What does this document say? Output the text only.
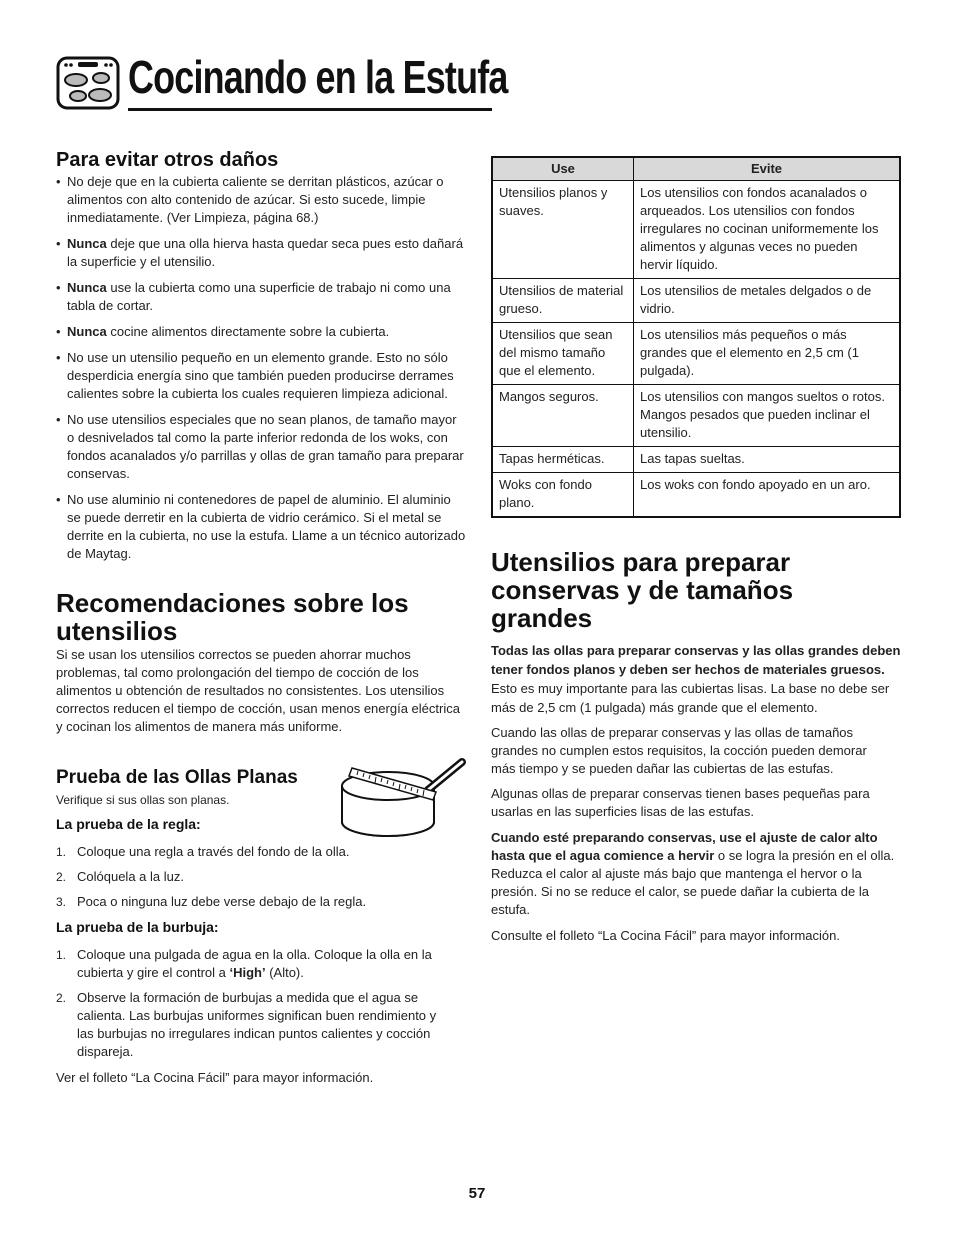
Cocinando en la Estufa
Para evitar otros daños
• No deje que en la cubierta caliente se derritan plásticos, azúcar o alimentos con alto contenido de azúcar. Si esto sucede, limpie inmediatamente. (Ver Limpieza, página 68.)
• Nunca deje que una olla hierva hasta quedar seca pues esto dañará la superficie y el utensilio.
• Nunca use la cubierta como una superficie de trabajo ni como una tabla de cortar.
• Nunca cocine alimentos directamente sobre la cubierta.
• No use un utensilio pequeño en un elemento grande. Esto no sólo desperdicia energía sino que también pueden producirse derrames calientes sobre la cubierta los cuales requieren limpieza adicional.
• No use utensilios especiales que no sean planos, de tamaño mayor o desnivelados tal como la parte inferior redonda de los woks, con fondos acanalados y/o parrillas y ollas de gran tamaño para preparar conservas.
• No use aluminio ni contenedores de papel de aluminio. El aluminio se puede derretir en la cubierta de vidrio cerámico. Si el metal se derrite en la cubierta, no use la estufa. Llame a un técnico autorizado de Maytag.
Recomendaciones sobre los utensilios

Si se usan los utensilios correctos se pueden ahorrar muchos problemas, tal como prolongación del tiempo de cocción de los alimentos u obtención de resultados no consistentes. Los utensilios correctos reducen el tiempo de cocción, usan menos energía eléctrica y cocinan los alimentos de manera más uniforme.

Prueba de las Ollas Planas

Verifique si sus ollas son planas.

La prueba de la regla:
1. Coloque una regla a través del fondo de la olla.
2. Colóquela a la luz.
3. Poca o ninguna luz debe verse debajo de la regla.
La prueba de la burbuja:
1. Coloque una pulgada de agua en la olla. Coloque la olla en la cubierta y gire el control a ‘High’ (Alto).
2. Observe la formación de burbujas a medida que el agua se calienta. Las burbujas uniformes significan buen rendimiento y las burbujas no irregulares indican puntos calientes y cocción dispareja.

Ver el folleto “La Cocina Fácil” para mayor información.

Use	Evite
Utensilios planos y suaves.	Los utensilios con fondos acanalados o arqueados. Los utensilios con fondos irregulares no cocinan uniformemente los alimentos y algunas veces no pueden hervir líquido.
Utensilios de material grueso.	Los utensilios de metales delgados o de vidrio.
Utensilios que sean del mismo tamaño que el elemento.	Los utensilios más pequeños o más grandes que el elemento en 2,5 cm (1 pulgada).
Mangos seguros.	Los utensilios con mangos sueltos o rotos. Mangos pesados que pueden inclinar el utensilio.
Tapas herméticas.	Las tapas sueltas.
Woks con fondo plano.	Los woks con fondo apoyado en un aro.
Utensilios para preparar conservas y de tamaños grandes

Todas las ollas para preparar conservas y las ollas grandes deben tener fondos planos y deben ser hechos de materiales gruesos. Esto es muy importante para las cubiertas lisas. La base no debe ser más de 2,5 cm (1 pulgada) más grande que el elemento.

Cuando las ollas de preparar conservas y las ollas de tamaños grandes no cumplen estos requisitos, la cocción pueden demorar más tiempo y se pueden dañar las cubiertas de las estufas.

Algunas ollas de preparar conservas tienen bases pequeñas para usarlas en las superficies lisas de las estufas.

Cuando esté preparando conservas, use el ajuste de calor alto hasta que el agua comience a hervir o se logra la presión en el olla. Reduzca el calor al ajuste más bajo que mantenga el hervor o la presión. Si no se reduce el calor, se puede dañar la cubierta de la estufa.

Consulte el folleto “La Cocina Fácil” para mayor información.

57
